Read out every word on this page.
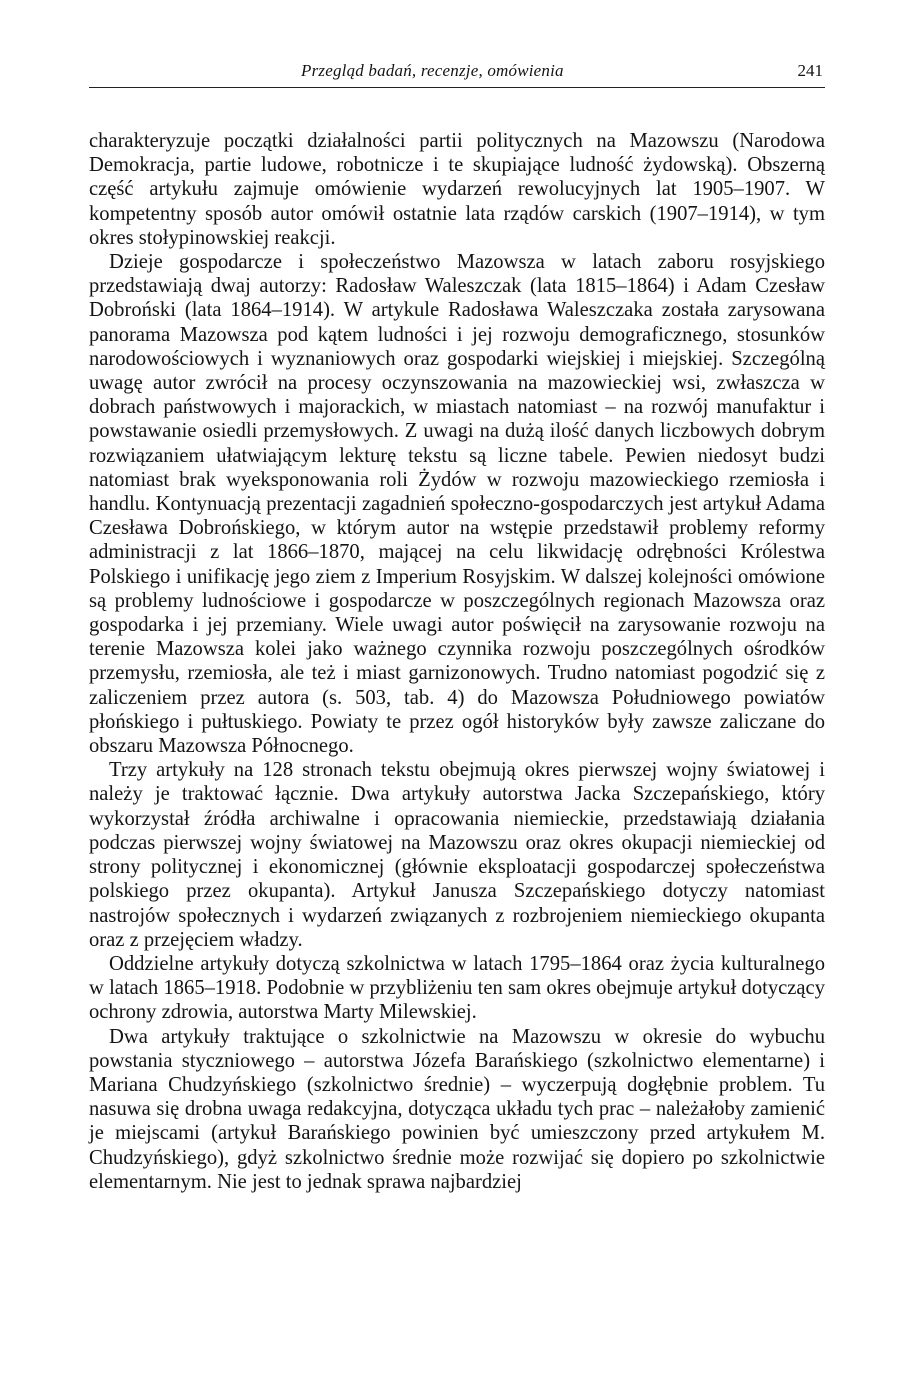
Przegląd badań, recenzje, omówienia	241

charakteryzuje początki działalności partii politycznych na Mazowszu (Narodowa Demokracja, partie ludowe, robotnicze i te skupiające ludność żydowską). Obszerną część artykułu zajmuje omówienie wydarzeń rewolucyjnych lat 1905–1907. W kompetentny sposób autor omówił ostatnie lata rządów carskich (1907–1914), w tym okres stołypinowskiej reakcji.

Dzieje gospodarcze i społeczeństwo Mazowsza w latach zaboru rosyjskiego przedstawiają dwaj autorzy: Radosław Waleszczak (lata 1815–1864) i Adam Czesław Dobroński (lata 1864–1914). W artykule Radosława Waleszczaka została zarysowana panorama Mazowsza pod kątem ludności i jej rozwoju demograficznego, stosunków narodowościowych i wyznaniowych oraz gospodarki wiejskiej i miejskiej. Szczególną uwagę autor zwrócił na procesy oczynszowania na mazowieckiej wsi, zwłaszcza w dobrach państwowych i majorackich, w miastach natomiast – na rozwój manufaktur i powstawanie osiedli przemysłowych. Z uwagi na dużą ilość danych liczbowych dobrym rozwiązaniem ułatwiającym lekturę tekstu są liczne tabele. Pewien niedosyt budzi natomiast brak wyeksponowania roli Żydów w rozwoju mazowieckiego rzemiosła i handlu. Kontynuacją prezentacji zagadnień społeczno-gospodarczych jest artykuł Adama Czesława Dobrońskiego, w którym autor na wstępie przedstawił problemy reformy administracji z lat 1866–1870, mającej na celu likwidację odrębności Królestwa Polskiego i unifikację jego ziem z Imperium Rosyjskim. W dalszej kolejności omówione są problemy ludnościowe i gospodarcze w poszczególnych regionach Mazowsza oraz gospodarka i jej przemiany. Wiele uwagi autor poświęcił na zarysowanie rozwoju na terenie Mazowsza kolei jako ważnego czynnika rozwoju poszczególnych ośrodków przemysłu, rzemiosła, ale też i miast garnizonowych. Trudno natomiast pogodzić się z zaliczeniem przez autora (s. 503, tab. 4) do Mazowsza Południowego powiatów płońskiego i pułtuskiego. Powiaty te przez ogół historyków były zawsze zaliczane do obszaru Mazowsza Północnego.

Trzy artykuły na 128 stronach tekstu obejmują okres pierwszej wojny światowej i należy je traktować łącznie. Dwa artykuły autorstwa Jacka Szczepańskiego, który wykorzystał źródła archiwalne i opracowania niemieckie, przedstawiają działania podczas pierwszej wojny światowej na Mazowszu oraz okres okupacji niemieckiej od strony politycznej i ekonomicznej (głównie eksploatacji gospodarczej społeczeństwa polskiego przez okupanta). Artykuł Janusza Szczepańskiego dotyczy natomiast nastrojów społecznych i wydarzeń związanych z rozbrojeniem niemieckiego okupanta oraz z przejęciem władzy.

Oddzielne artykuły dotyczą szkolnictwa w latach 1795–1864 oraz życia kulturalnego w latach 1865–1918. Podobnie w przybliżeniu ten sam okres obejmuje artykuł dotyczący ochrony zdrowia, autorstwa Marty Milewskiej.

Dwa artykuły traktujące o szkolnictwie na Mazowszu w okresie do wybuchu powstania styczniowego – autorstwa Józefa Barańskiego (szkolnictwo elementarne) i Mariana Chudzyńskiego (szkolnictwo średnie) – wyczerpują dogłębnie problem. Tu nasuwa się drobna uwaga redakcyjna, dotycząca układu tych prac – należałoby zamienić je miejscami (artykuł Barańskiego powinien być umieszczony przed artykułem M. Chudzyńskiego), gdyż szkolnictwo średnie może rozwijać się dopiero po szkolnictwie elementarnym. Nie jest to jednak sprawa najbardziej
